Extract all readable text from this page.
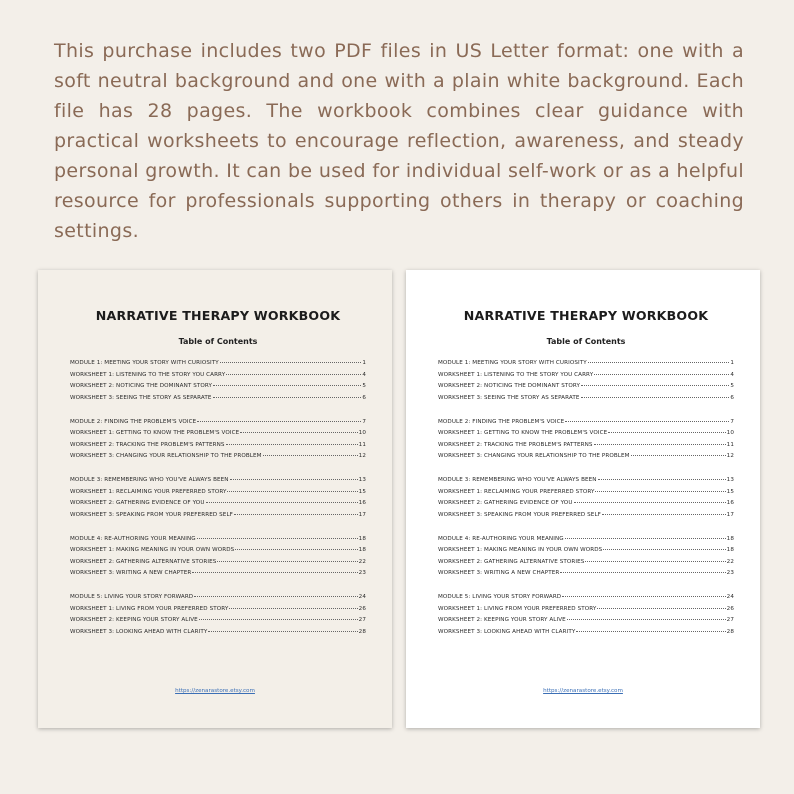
This purchase includes two PDF files in US Letter format: one with a soft neutral background and one with a plain white background. Each file has 28 pages. The workbook combines clear guidance with practical worksheets to encourage reflection, awareness, and steady personal growth. It can be used for individual self-work or as a helpful resource for professionals supporting others in therapy or coaching settings.

NARRATIVE THERAPY WORKBOOK
Table of Contents
MODULE 1: MEETING YOUR STORY WITH CURIOSITY	1
WORKSHEET 1: LISTENING TO THE STORY YOU CARRY	4
WORKSHEET 2: NOTICING THE DOMINANT STORY	5
WORKSHEET 3: SEEING THE STORY AS SEPARATE	6
MODULE 2: FINDING THE PROBLEM'S VOICE	7
WORKSHEET 1: GETTING TO KNOW THE PROBLEM'S VOICE	10
WORKSHEET 2: TRACKING THE PROBLEM'S PATTERNS	11
WORKSHEET 3: CHANGING YOUR RELATIONSHIP TO THE PROBLEM	12
MODULE 3: REMEMBERING WHO YOU'VE ALWAYS BEEN	13
WORKSHEET 1: RECLAIMING YOUR PREFERRED STORY	15
WORKSHEET 2: GATHERING EVIDENCE OF YOU	16
WORKSHEET 3: SPEAKING FROM YOUR PREFERRED SELF	17
MODULE 4: RE-AUTHORING YOUR MEANING	18
WORKSHEET 1: MAKING MEANING IN YOUR OWN WORDS	18
WORKSHEET 2: GATHERING ALTERNATIVE STORIES	22
WORKSHEET 3: WRITING A NEW CHAPTER	23
MODULE 5: LIVING YOUR STORY FORWARD	24
WORKSHEET 1: LIVING FROM YOUR PREFERRED STORY	26
WORKSHEET 2: KEEPING YOUR STORY ALIVE	27
WORKSHEET 3: LOOKING AHEAD WITH CLARITY	28
https://zenarastore.etsy.com
NARRATIVE THERAPY WORKBOOK
Table of Contents
MODULE 1: MEETING YOUR STORY WITH CURIOSITY	1
WORKSHEET 1: LISTENING TO THE STORY YOU CARRY	4
WORKSHEET 2: NOTICING THE DOMINANT STORY	5
WORKSHEET 3: SEEING THE STORY AS SEPARATE	6
MODULE 2: FINDING THE PROBLEM'S VOICE	7
WORKSHEET 1: GETTING TO KNOW THE PROBLEM'S VOICE	10
WORKSHEET 2: TRACKING THE PROBLEM'S PATTERNS	11
WORKSHEET 3: CHANGING YOUR RELATIONSHIP TO THE PROBLEM	12
MODULE 3: REMEMBERING WHO YOU'VE ALWAYS BEEN	13
WORKSHEET 1: RECLAIMING YOUR PREFERRED STORY	15
WORKSHEET 2: GATHERING EVIDENCE OF YOU	16
WORKSHEET 3: SPEAKING FROM YOUR PREFERRED SELF	17
MODULE 4: RE-AUTHORING YOUR MEANING	18
WORKSHEET 1: MAKING MEANING IN YOUR OWN WORDS	18
WORKSHEET 2: GATHERING ALTERNATIVE STORIES	22
WORKSHEET 3: WRITING A NEW CHAPTER	23
MODULE 5: LIVING YOUR STORY FORWARD	24
WORKSHEET 1: LIVING FROM YOUR PREFERRED STORY	26
WORKSHEET 2: KEEPING YOUR STORY ALIVE	27
WORKSHEET 3: LOOKING AHEAD WITH CLARITY	28
https://zenarastore.etsy.com
